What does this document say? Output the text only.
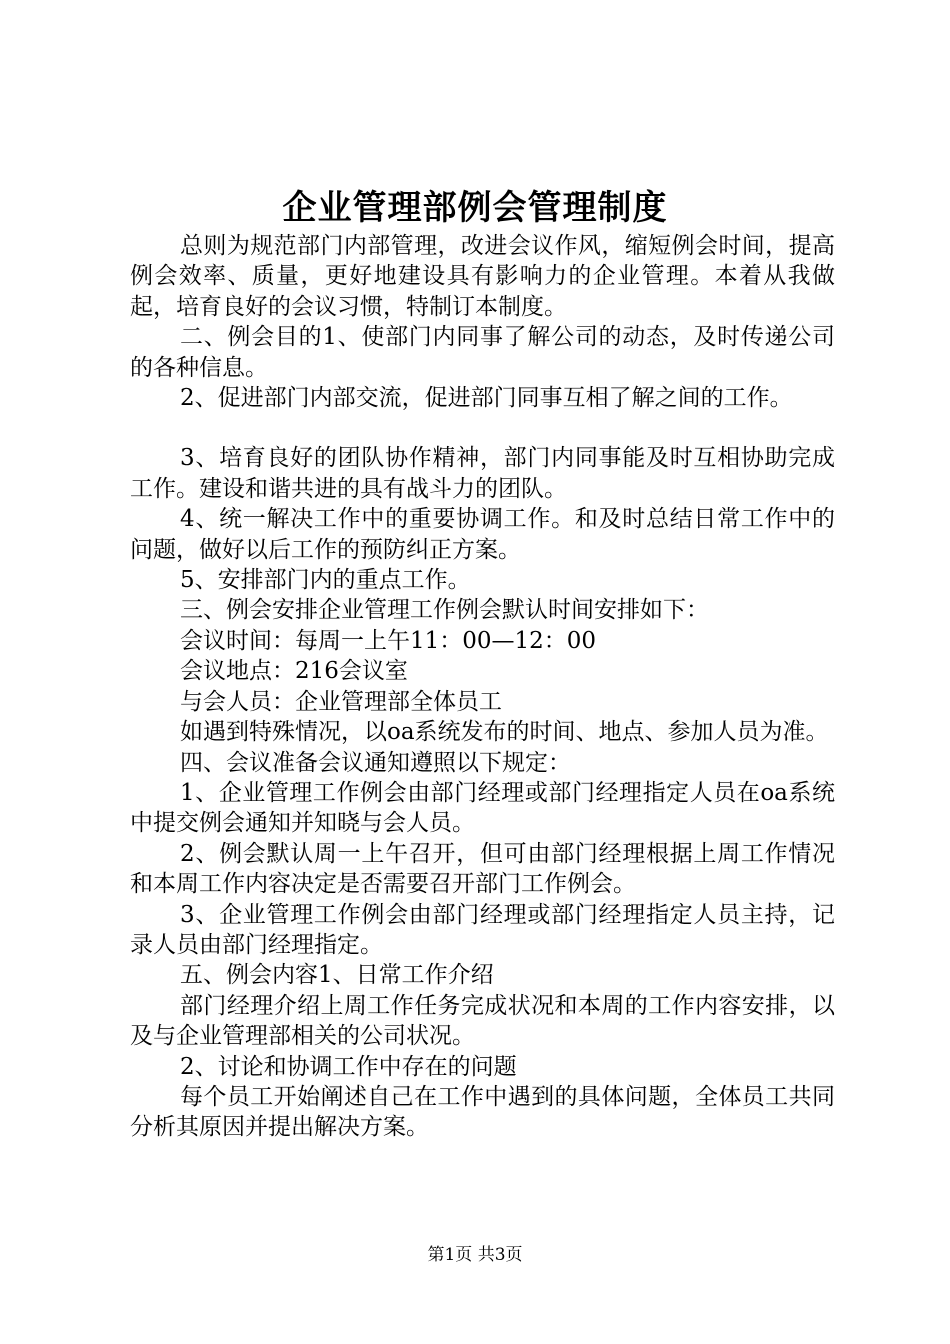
企业管理部例会管理制度

总则为规范部门内部管理，改进会议作风，缩短例会时间，提高例会效率、质量，更好地建设具有影响力的企业管理。本着从我做起，培育良好的会议习惯，特制订本制度。

二、例会目的1、使部门内同事了解公司的动态，及时传递公司的各种信息。

2、促进部门内部交流，促进部门同事互相了解之间的工作。

3、培育良好的团队协作精神，部门内同事能及时互相协助完成工作。建设和谐共进的具有战斗力的团队。

4、统一解决工作中的重要协调工作。和及时总结日常工作中的问题，做好以后工作的预防纠正方案。

5、安排部门内的重点工作。

三、例会安排企业管理工作例会默认时间安排如下：

会议时间：每周一上午11：00—12：00

会议地点：216会议室

与会人员：企业管理部全体员工

如遇到特殊情况，以oa系统发布的时间、地点、参加人员为准。

四、会议准备会议通知遵照以下规定：

1、企业管理工作例会由部门经理或部门经理指定人员在oa系统中提交例会通知并知晓与会人员。

2、例会默认周一上午召开，但可由部门经理根据上周工作情况和本周工作内容决定是否需要召开部门工作例会。

3、企业管理工作例会由部门经理或部门经理指定人员主持，记录人员由部门经理指定。

五、例会内容1、日常工作介绍

部门经理介绍上周工作任务完成状况和本周的工作内容安排，以及与企业管理部相关的公司状况。

2、讨论和协调工作中存在的问题

每个员工开始阐述自己在工作中遇到的具体问题，全体员工共同分析其原因并提出解决方案。

第1页 共3页
